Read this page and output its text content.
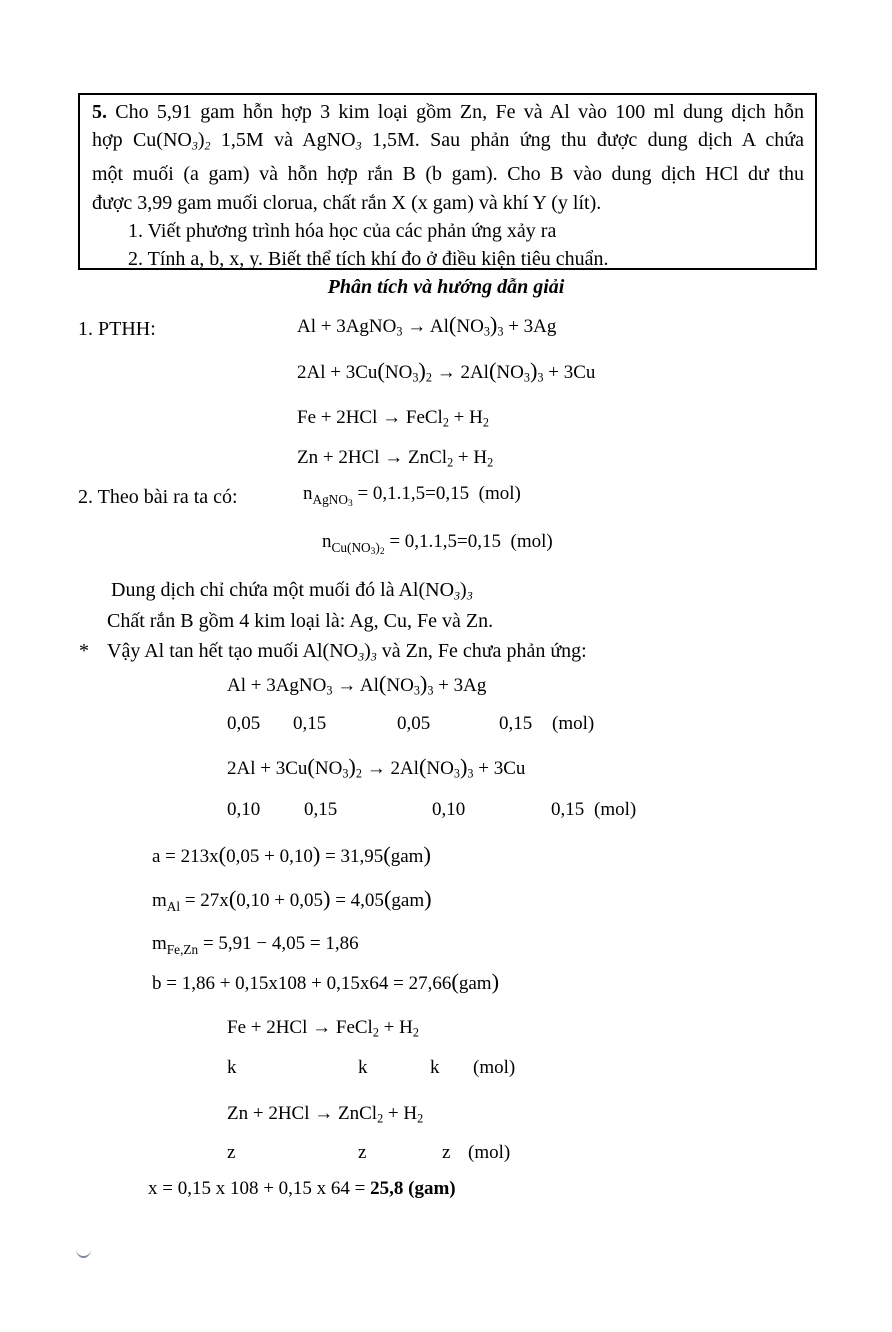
5. Cho 5,91 gam hỗn hợp 3 kim loại gồm Zn, Fe và Al vào 100 ml dung dịch hỗn
hợp Cu(NO3)2 1,5M và AgNO3 1,5M. Sau phản ứng thu được dung dịch A chứa
một muối (a gam) và hỗn hợp rắn B (b gam). Cho B vào dung dịch HCl dư thu
được 3,99 gam muối clorua, chất rắn X (x gam) và khí Y (y lít).
1. Viết phương trình hóa học của các phản ứng xảy ra
2. Tính a, b, x, y. Biết thể tích khí đo ở điều kiện tiêu chuẩn.
Phân tích và hướng dẫn giải
1. PTHH:	Al + 3AgNO3 → Al(NO3)3 + 3Ag
2Al + 3Cu(NO3)2 → 2Al(NO3)3 + 3Cu
Fe + 2HCl → FeCl2 + H2
Zn + 2HCl → ZnCl2 + H2
2. Theo bài ra ta có:	$n_{AgNO3} = 0,1.1,5=0,15$  (mol)
$n_{Cu(NO3)2} = 0,1.1,5=0,15$  (mol)
Dung dịch chỉ chứa một muối đó là Al(NO3)3
Chất rắn B gồm 4 kim loại là: Ag, Cu, Fe và Zn.
* Vậy Al tan hết tạo muối Al(NO3)3 và Zn, Fe chưa phản ứng:
Al + 3AgNO3 → Al(NO3)3 + 3Ag
0,05 0,15	0,05	0,15 (mol)
2Al + 3Cu(NO3)2 → 2Al(NO3)3 + 3Cu
0,10 0,15	0,10	0,15 (mol)
a = 213x(0,05 + 0,10) = 31,95(gam)
$m_{Al} = 27x(0,10 + 0,05) = 4,05(gam)$
$m_{Fe,Zn} = 5,91 - 4,05 = 1,86$
b = 1,86 + 0,15x108 + 0,15x64 = 27,66(gam)
Fe + 2HCl → FeCl2 + H2
k	k	k (mol)
Zn + 2HCl → ZnCl2 + H2
z	z	z (mol)
x = 0,15 x 108 + 0,15 x 64 = 25,8 (gam)
